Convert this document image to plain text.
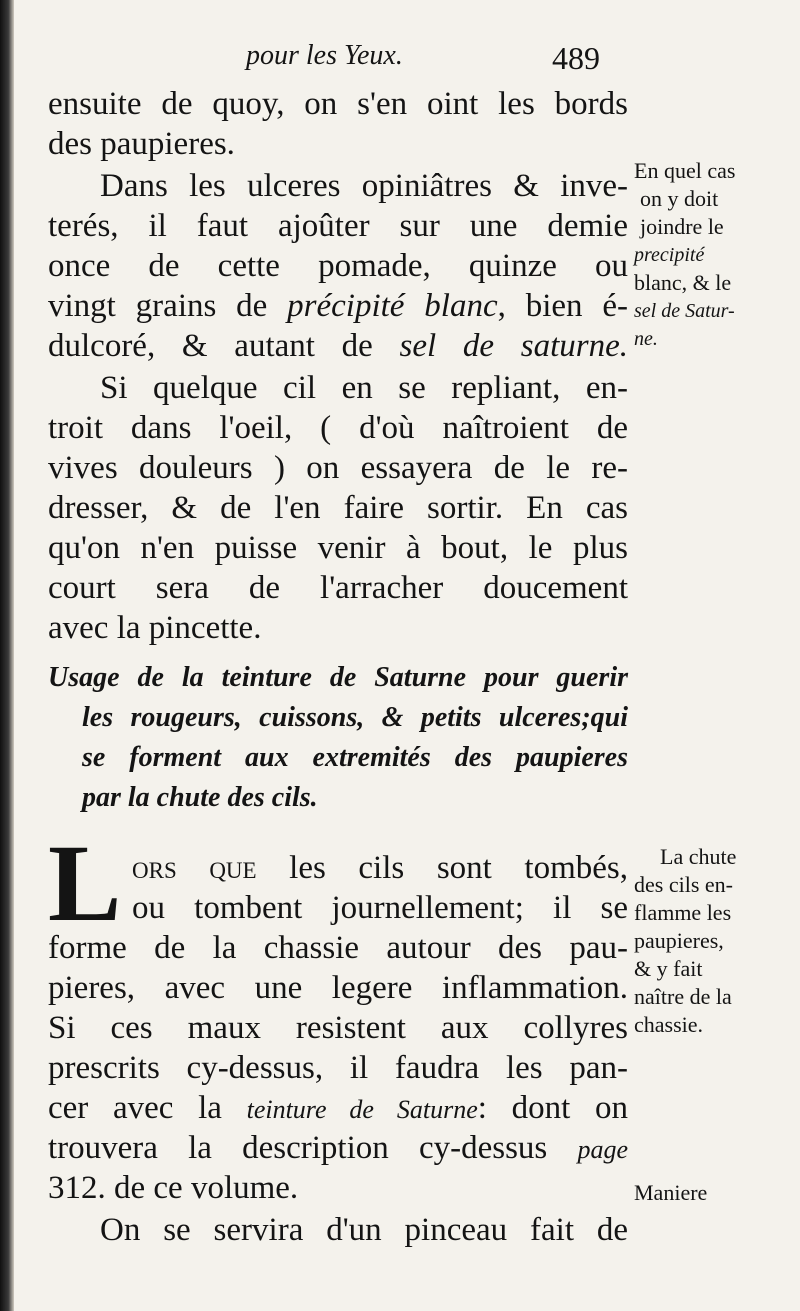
pour les Yeux.	489
ensuite de quoy, on s'en oint les bords
des paupieres.
Dans les ulceres opiniâtres & inve-
terés, il faut ajoûter sur une demie
once de cette pomade, quinze ou
vingt grains de précipité blanc, bien é-
dulcoré, & autant de sel de saturne.
Si quelque cil en se repliant, en-
troit dans l'oeil, ( d'où naîtroient de
vives douleurs ) on essayera de le re-
dresser, & de l'en faire sortir. En cas
qu'on n'en puisse venir à bout, le plus
court sera de l'arracher doucement
avec la pincette.
Usage de la teinture de Saturne pour guerir
les rougeurs, cuissons, & petits ulceres;qui
se forment aux extremités des paupieres
par la chute des cils.
ors que les cils sont tombés,
ou tombent journellement; il se
forme de la chassie autour des pau-
pieres, avec une legere inflammation.
Si ces maux resistent aux collyres
prescrits cy-dessus, il faudra les pan-
cer avec la teinture de Saturne: dont on
trouvera la description cy-dessus page
312. de ce volume.
On se servira d'un pinceau fait de
L
En quel cas
on y doit
joindre le
precipité
blanc, & le
sel de Satur-
ne.
La chute
des cils en-
flamme les
paupieres,
& y fait
naître de la
chassie.
Maniere
